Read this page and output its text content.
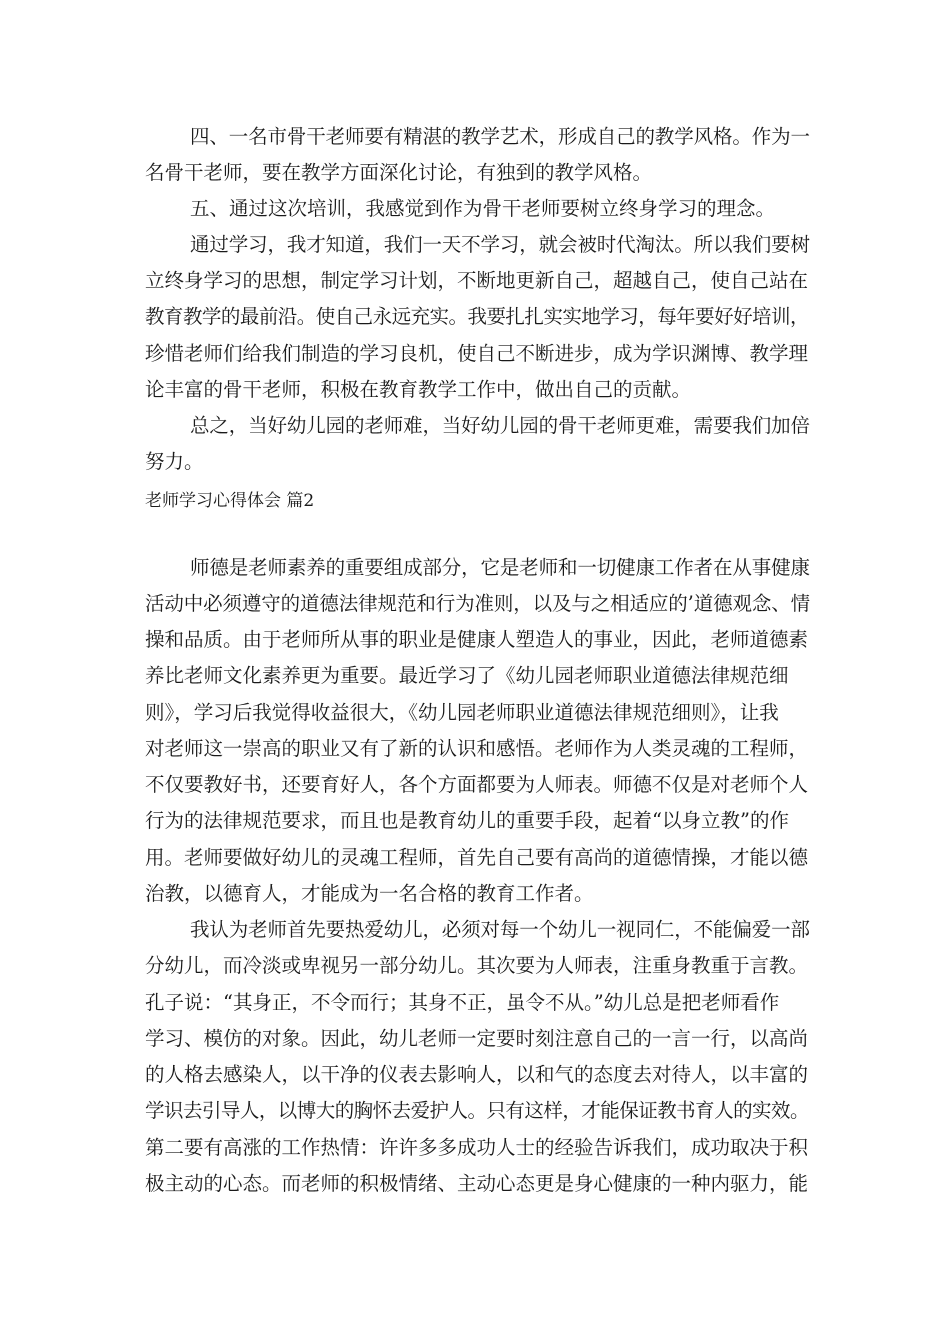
四、一名市骨干老师要有精湛的教学艺术，形成自己的教学风格。作为一
名骨干老师，要在教学方面深化讨论，有独到的教学风格。
五、通过这次培训，我感觉到作为骨干老师要树立终身学习的理念。
通过学习，我才知道，我们一天不学习，就会被时代淘汰。所以我们要树
立终身学习的思想，制定学习计划，不断地更新自己，超越自己，使自己站在
教育教学的最前沿。使自己永远充实。我要扎扎实实地学习，每年要好好培训，
珍惜老师们给我们制造的学习良机，使自己不断进步，成为学识渊博、教学理
论丰富的骨干老师，积极在教育教学工作中，做出自己的贡献。
总之，当好幼儿园的老师难，当好幼儿园的骨干老师更难，需要我们加倍
努力。
老师学习心得体会 篇2
师德是老师素养的重要组成部分，它是老师和一切健康工作者在从事健康
活动中必须遵守的道德法律规范和行为准则，以及与之相适应的’道德观念、情
操和品质。由于老师所从事的职业是健康人塑造人的事业，因此，老师道德素
养比老师文化素养更为重要。最近学习了《幼儿园老师职业道德法律规范细
则》，学习后我觉得收益很大，《幼儿园老师职业道德法律规范细则》，让我
对老师这一崇高的职业又有了新的认识和感悟。老师作为人类灵魂的工程师，
不仅要教好书，还要育好人，各个方面都要为人师表。师德不仅是对老师个人
行为的法律规范要求，而且也是教育幼儿的重要手段，起着“以身立教”的作
用。老师要做好幼儿的灵魂工程师，首先自己要有高尚的道德情操，才能以德
治教，以德育人，才能成为一名合格的教育工作者。
我认为老师首先要热爱幼儿，必须对每一个幼儿一视同仁，不能偏爱一部
分幼儿，而冷淡或卑视另一部分幼儿。其次要为人师表，注重身教重于言教。
孔子说：“其身正，不令而行；其身不正，虽令不从。”幼儿总是把老师看作
学习、模仿的对象。因此，幼儿老师一定要时刻注意自己的一言一行，以高尚
的人格去感染人，以干净的仪表去影响人，以和气的态度去对待人，以丰富的
学识去引导人，以博大的胸怀去爱护人。只有这样，才能保证教书育人的实效。
第二要有高涨的工作热情：许许多多成功人士的经验告诉我们，成功取决于积
极主动的心态。而老师的积极情绪、主动心态更是身心健康的一种内驱力，能
